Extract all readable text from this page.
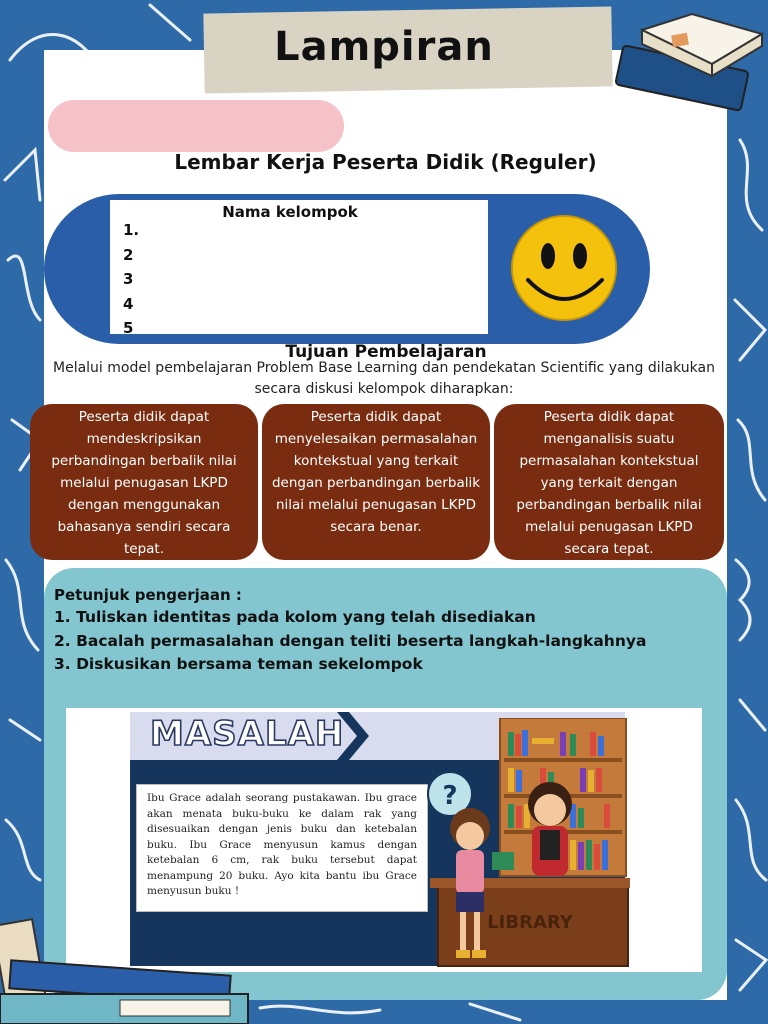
Lampiran
Lembar Kerja Peserta Didik (Reguler)
Nama kelompok
1.
2
3
4
5
Tujuan Pembelajaran
Melalui model pembelajaran Problem Base Learning dan pendekatan Scientific yang dilakukan secara diskusi kelompok diharapkan:
Peserta didik dapat mendeskripsikan perbandingan berbalik nilai melalui penugasan LKPD dengan menggunakan bahasanya sendiri secara tepat.
Peserta didik dapat menyelesaikan permasalahan kontekstual yang terkait dengan perbandingan berbalik nilai melalui penugasan LKPD secara benar.
Peserta didik dapat menganalisis suatu permasalahan kontekstual yang terkait dengan perbandingan berbalik nilai melalui penugasan LKPD secara tepat.
Petunjuk pengerjaan :
1. Tuliskan identitas pada kolom yang telah disediakan
2. Bacalah permasalahan dengan teliti beserta langkah-langkahnya
3. Diskusikan bersama teman sekelompok
MASALAH
Ibu Grace adalah seorang pustakawan. Ibu grace akan menata buku-buku ke dalam rak yang disesuaikan dengan jenis buku dan ketebalan buku. Ibu Grace menyusun kamus dengan ketebalan 6 cm, rak buku tersebut dapat menampung 20 buku. Ayo kita bantu ibu Grace menyusun buku !
?
LIBRARY
